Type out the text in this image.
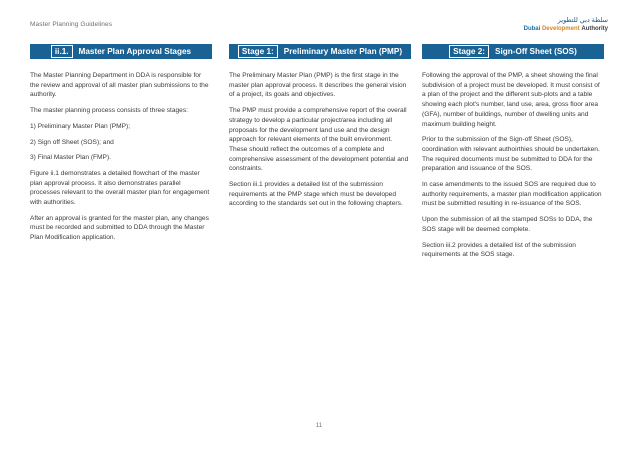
Master Planning Guidelines
سلطة دبي للتطوير
Dubai Development Authority
ii.1.	Master Plan Approval Stages

The Master Planning Department in DDA is responsible for the review and approval of all master plan submissions to the authority.

The master planning process consists of three stages:

1) Preliminary Master Plan (PMP);

2) Sign off Sheet (SOS); and

3) Final Master Plan (FMP).

Figure ii.1 demonstrates a detailed flowchart of the master plan approval process. It also demonstrates parallel processes relevant to the overall master plan for engagement with authorities.

After an approval is granted for the master plan, any changes must be recorded and submitted to DDA through the Master Plan Modification application.

Stage 1:	Preliminary Master Plan (PMP)

The Preliminary Master Plan (PMP) is the first stage in the master plan approval process. It describes the general vision of a project, its goals and objectives.

The PMP must provide a comprehensive report of the overall strategy to develop a particular project/area including all proposals for the development land use and the design approach for relevant elements of the built environment. These should reflect the outcomes of a complete and comprehensive assessment of the development potential and constraints.

Section iii.1 provides a detailed list of the submission requirements at the PMP stage which must be developed according to the standards set out in the following chapters.

Stage 2:	Sign-Off Sheet (SOS)

Following the approval of the PMP, a sheet showing the final subdivision of a project must be developed. It must consist of a plan of the project and the different sub-plots and a table showing each plot's number, land use, area, gross floor area (GFA), number of buildings, number of dwelling units and maximum building height.

Prior to the submission of the Sign-off Sheet (SOS), coordination with relevant authoirthies should be undertaken. The required documents must be submitted to DDA for the preparation and issuance of the SOS.

In case amendments to the issued SOS are required due to authority requirements, a master plan modification application must be submitted resulting in re-issuance of the SOS.

Upon the submission of all the stamped SOSs to DDA, the SOS stage will be deemed complete.

Section iii.2 provides a detailed list of the submission requirements at the SOS stage.

11
